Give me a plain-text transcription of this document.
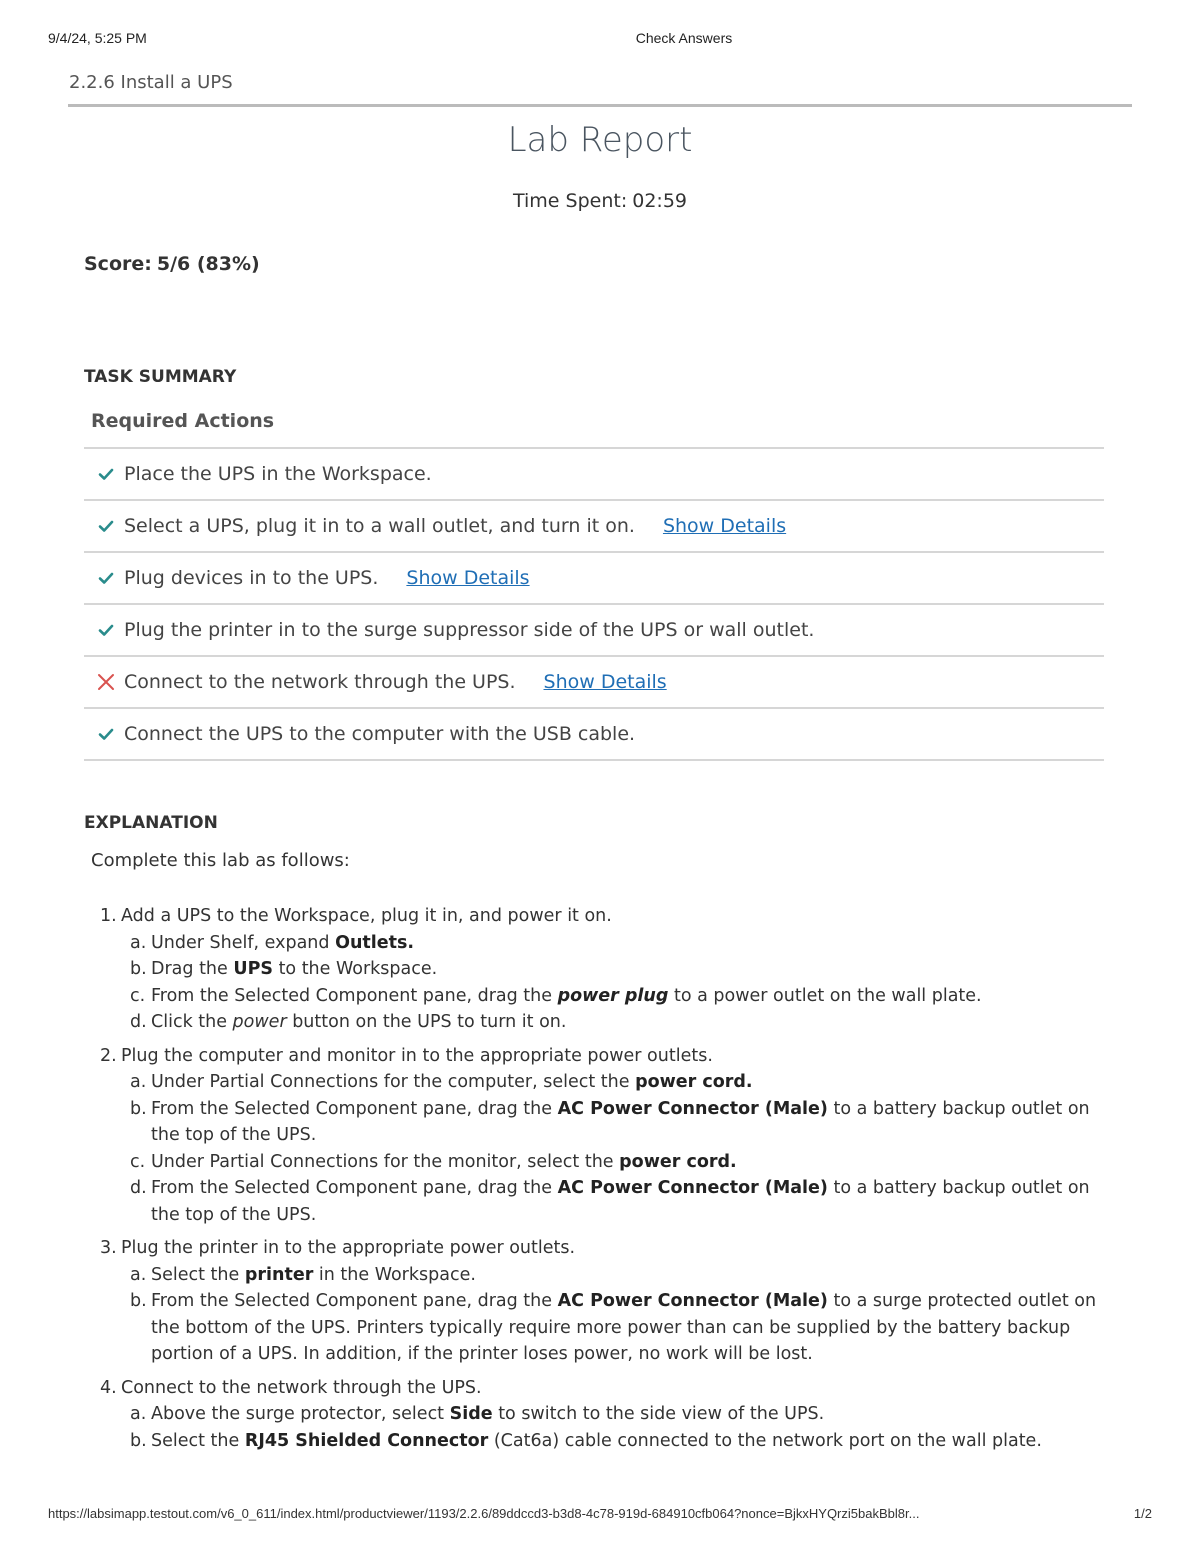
9/4/24, 5:25 PM	Check Answers
2.2.6 Install a UPS
Lab Report
Time Spent: 02:59
Score: 5/6 (83%)
TASK SUMMARY
Required Actions
Place the UPS in the Workspace.
Select a UPS, plug it in to a wall outlet, and turn it on. Show Details
Plug devices in to the UPS. Show Details
Plug the printer in to the surge suppressor side of the UPS or wall outlet.
Connect to the network through the UPS. Show Details
Connect the UPS to the computer with the USB cable.
EXPLANATION
Complete this lab as follows:
1. Add a UPS to the Workspace, plug it in, and power it on.
a. Under Shelf, expand Outlets.
b. Drag the UPS to the Workspace.
c. From the Selected Component pane, drag the power plug to a power outlet on the wall plate.
d. Click the power button on the UPS to turn it on.
2. Plug the computer and monitor in to the appropriate power outlets.
a. Under Partial Connections for the computer, select the power cord.
b. From the Selected Component pane, drag the AC Power Connector (Male) to a battery backup outlet on the top of the UPS.
c. Under Partial Connections for the monitor, select the power cord.
d. From the Selected Component pane, drag the AC Power Connector (Male) to a battery backup outlet on the top of the UPS.
3. Plug the printer in to the appropriate power outlets.
a. Select the printer in the Workspace.
b. From the Selected Component pane, drag the AC Power Connector (Male) to a surge protected outlet on the bottom of the UPS. Printers typically require more power than can be supplied by the battery backup portion of a UPS. In addition, if the printer loses power, no work will be lost.
4. Connect to the network through the UPS.
a. Above the surge protector, select Side to switch to the side view of the UPS.
b. Select the RJ45 Shielded Connector (Cat6a) cable connected to the network port on the wall plate.
https://labsimapp.testout.com/v6_0_611/index.html/productviewer/1193/2.2.6/89ddccd3-b3d8-4c78-919d-684910cfb064?nonce=BjkxHYQrzi5bakBbl8r...	1/2
